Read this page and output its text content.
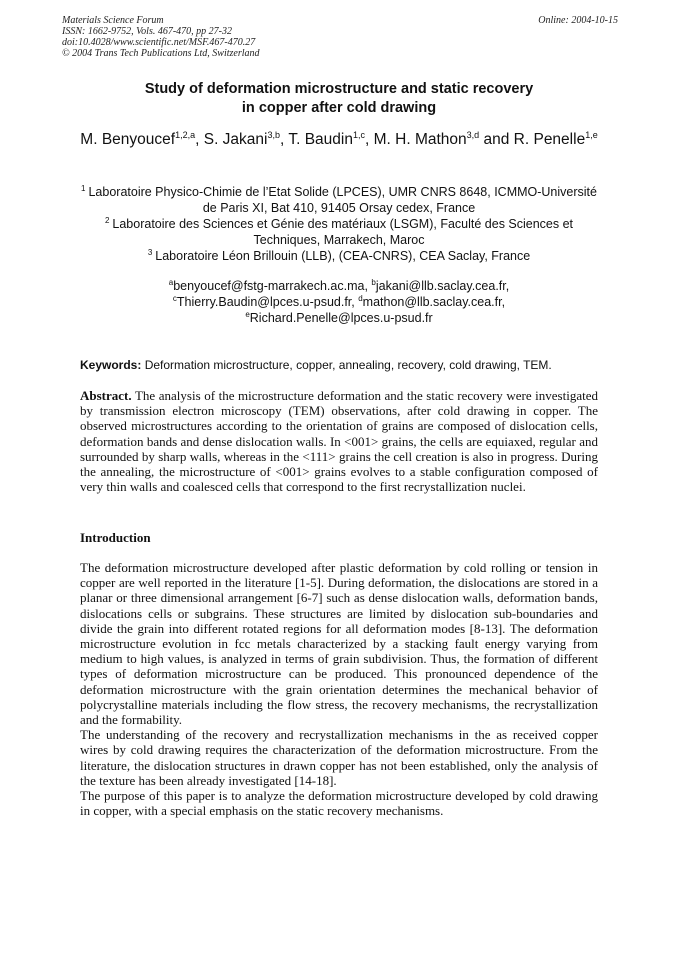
Materials Science Forum
ISSN: 1662-9752, Vols. 467-470, pp 27-32
doi:10.4028/www.scientific.net/MSF.467-470.27
© 2004 Trans Tech Publications Ltd, Switzerland
Online: 2004-10-15
Study of deformation microstructure and static recovery
in copper after cold drawing
M. Benyoucef$^{1,2,a}$, S. Jakani$^{3,b}$, T. Baudin$^{1,c}$, M. H. Mathon$^{3,d}$ and R. Penelle$^{1,e}$
$^1$ Laboratoire Physico-Chimie de l’Etat Solide (LPCES), UMR CNRS 8648, ICMMO-Université de Paris XI, Bat 410, 91405 Orsay cedex, France
$^2$ Laboratoire des Sciences et Génie des matériaux (LSGM), Faculté des Sciences et Techniques, Marrakech, Maroc
$^3$ Laboratoire Léon Brillouin (LLB), (CEA-CNRS), CEA Saclay, France
$^a$benyoucef@fstg-marrakech.ac.ma, $^b$jakani@llb.saclay.cea.fr,
$^c$Thierry.Baudin@lpces.u-psud.fr, $^d$mathon@llb.saclay.cea.fr,
$^e$Richard.Penelle@lpces.u-psud.fr
Keywords: Deformation microstructure, copper, annealing, recovery, cold drawing, TEM.
Abstract. The analysis of the microstructure deformation and the static recovery were investigated by transmission electron microscopy (TEM) observations, after cold drawing in copper. The observed microstructures according to the orientation of grains are composed of dislocation cells, deformation bands and dense dislocation walls. In <001> grains, the cells are equiaxed, regular and surrounded by sharp walls, whereas in the <111> grains the cell creation is also in progress. During the annealing, the microstructure of <001> grains evolves to a stable configuration composed of very thin walls and coalesced cells that correspond to the first recrystallization nuclei.
Introduction

The deformation microstructure developed after plastic deformation by cold rolling or tension in copper are well reported in the literature [1-5]. During deformation, the dislocations are stored in a planar or three dimensional arrangement [6-7] such as dense dislocation walls, deformation bands, dislocations cells or subgrains. These structures are limited by dislocation sub-boundaries and divide the grain into different rotated regions for all deformation modes [8-13]. The deformation microstructure evolution in fcc metals characterized by a stacking fault energy varying from medium to high values, is analyzed in terms of grain subdivision. Thus, the formation of different types of deformation microstructure can be produced. This pronounced dependence of the deformation microstructure with the grain orientation determines the mechanical behavior of polycrystalline materials including the flow stress, the recovery mechanisms, the recrystallization and the formability.

The understanding of the recovery and recrystallization mechanisms in the as received copper wires by cold drawing requires the characterization of the deformation microstructure. From the literature, the dislocation structures in drawn copper has not been established, only the analysis of the texture has been already investigated [14-18].

The purpose of this paper is to analyze the deformation microstructure developed by cold drawing in copper, with a special emphasis on the static recovery mechanisms.
